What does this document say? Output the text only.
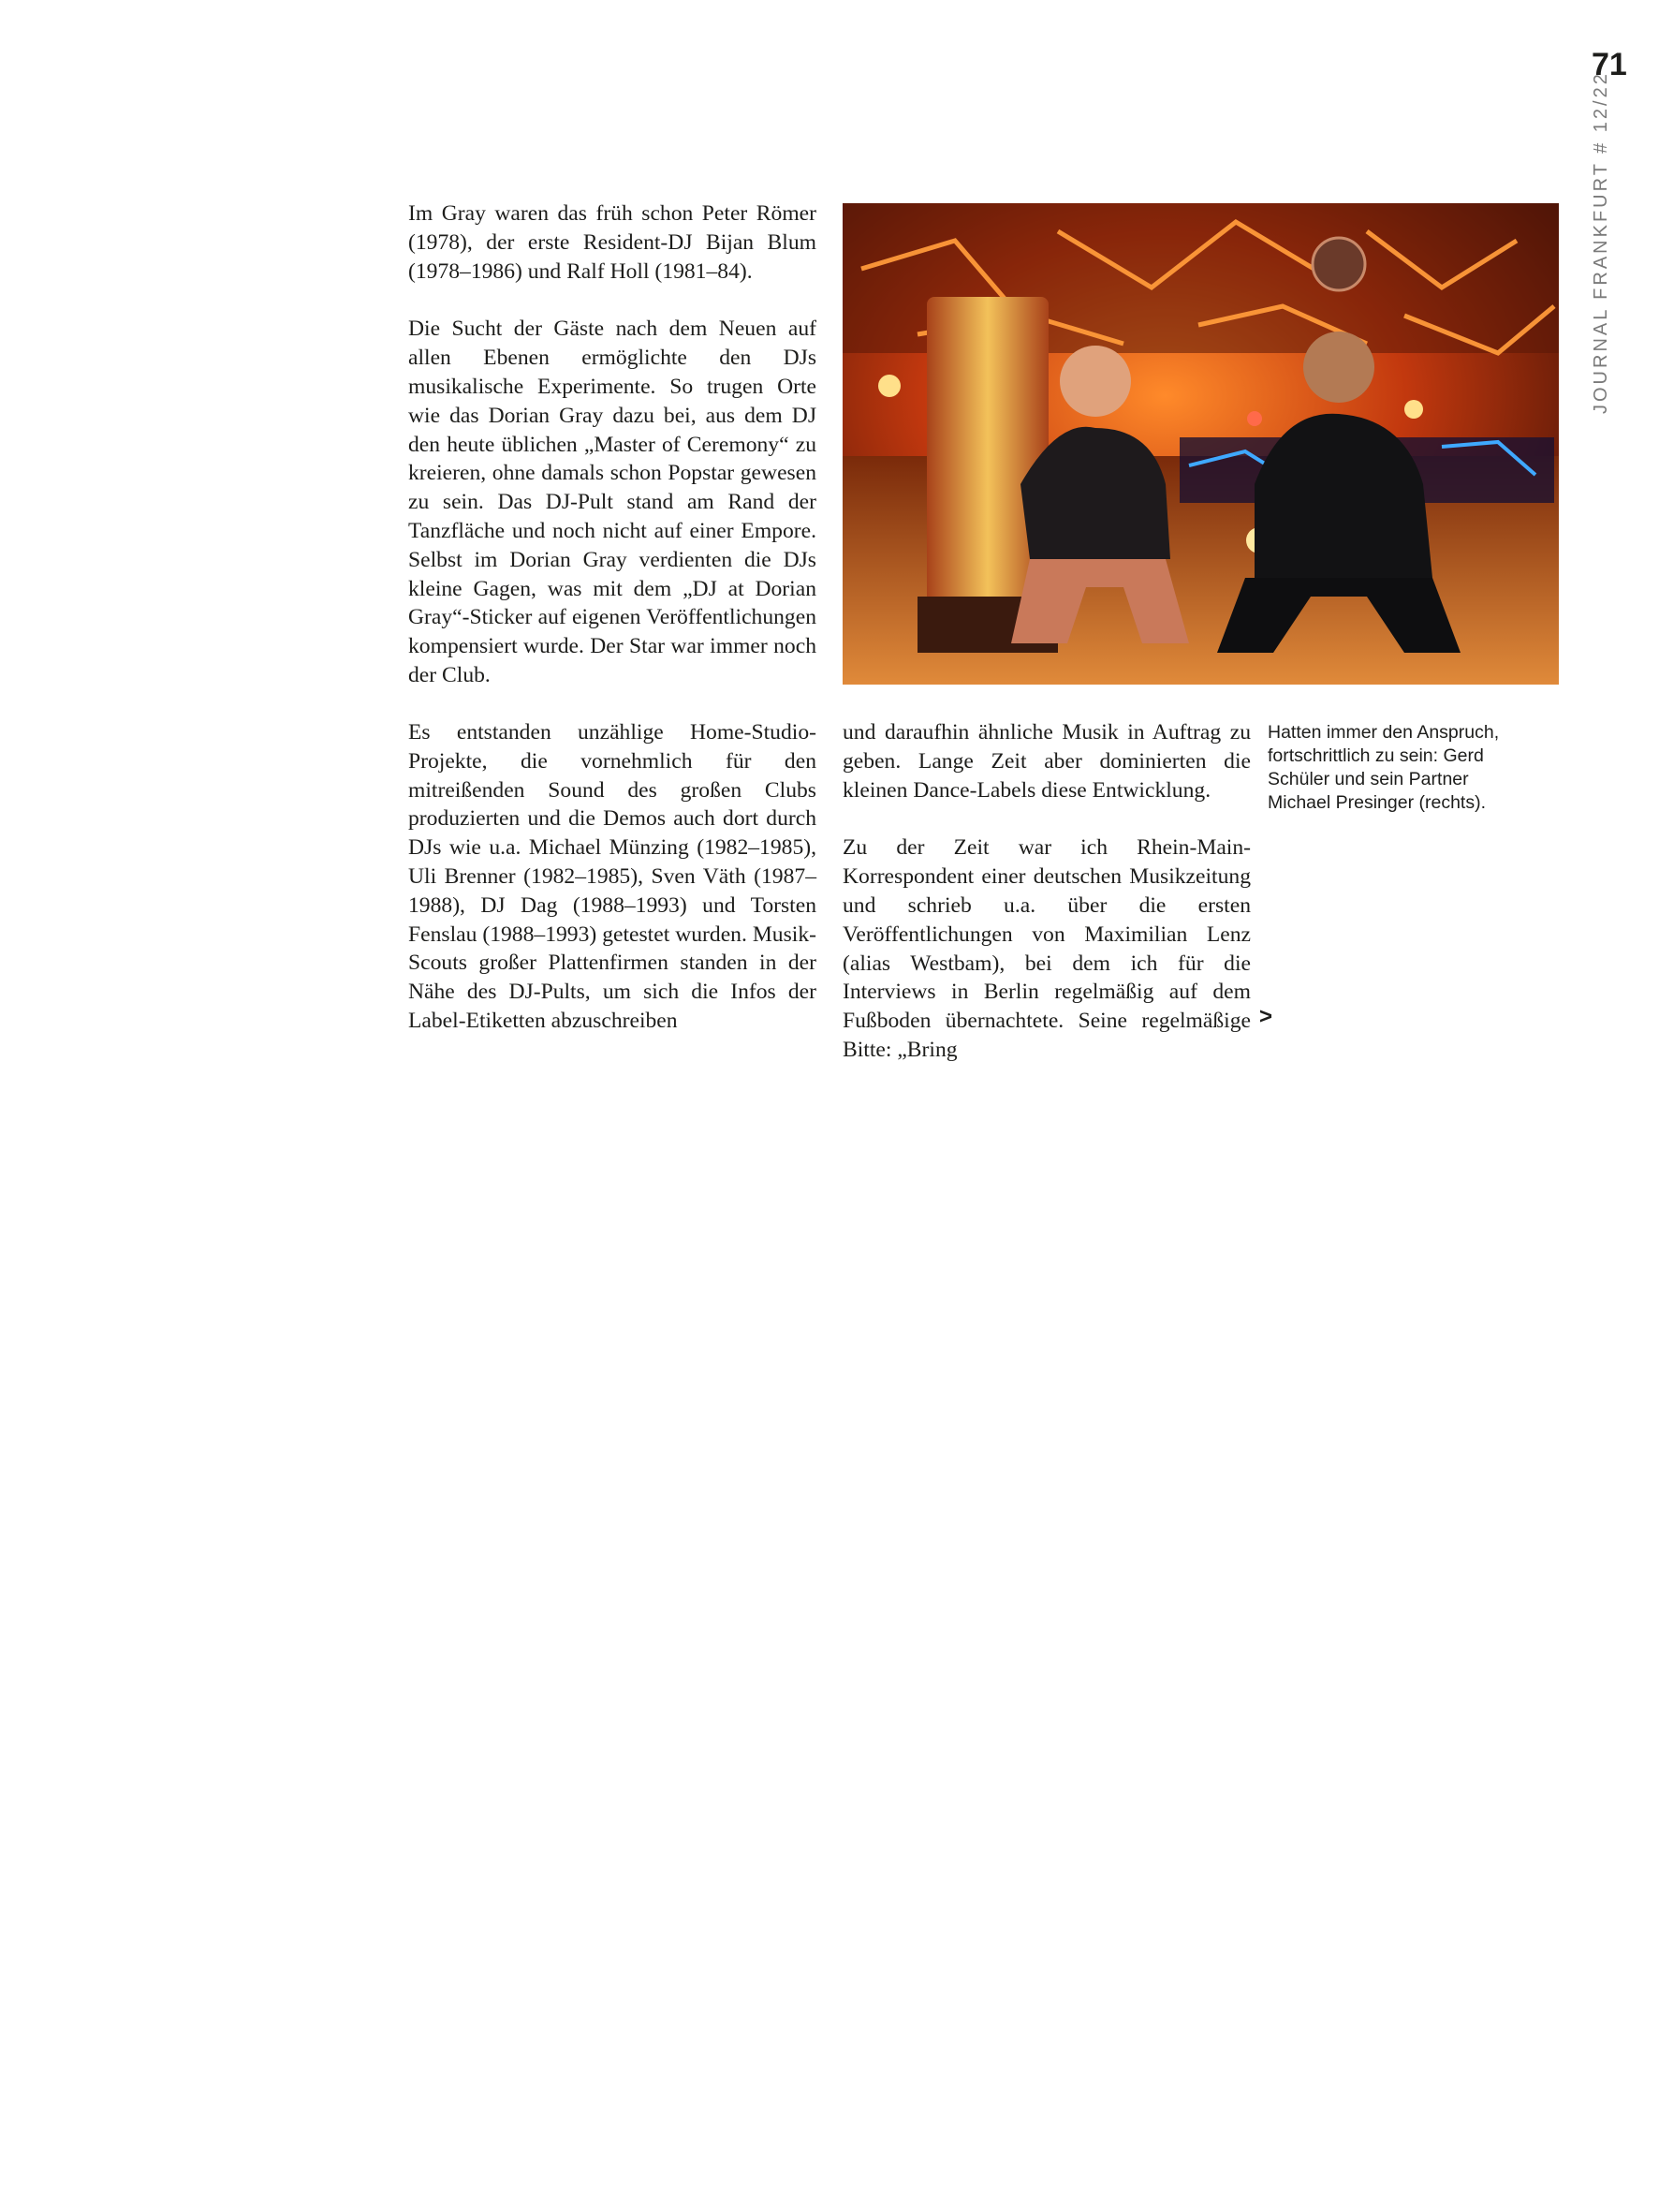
71
JOURNAL FRANKFURT # 12/22

Im Gray waren das früh schon Peter Römer (1978), der erste Resident-DJ Bijan Blum (1978–1986) und Ralf Holl (1981–84).

Die Sucht der Gäste nach dem Neuen auf allen Ebenen ermöglichte den DJs musikalische Experimente. So trugen Orte wie das Dorian Gray dazu bei, aus dem DJ den heute üblichen „Master of Ceremony“ zu kreieren, ohne damals schon Popstar gewesen zu sein. Das DJ-Pult stand am Rand der Tanzfläche und noch nicht auf einer Empore. Selbst im Dorian Gray verdienten die DJs kleine Gagen, was mit dem „DJ at Dorian Gray“-Sticker auf eigenen Veröffentlichungen kompensiert wurde. Der Star war immer noch der Club.

Es entstanden unzählige Home-Studio-Projekte, die vornehmlich für den mitreißenden Sound des großen Clubs produzierten und die Demos auch dort durch DJs wie u.a. Michael Münzing (1982–1985), Uli Brenner (1982–1985), Sven Väth (1987–1988), DJ Dag (1988–1993) und Torsten Fenslau (1988–1993) getestet wurden. Musik-Scouts großer Plattenfirmen standen in der Nähe des DJ-Pults, um sich die Infos der Label-Etiketten abzuschreiben

und daraufhin ähnliche Musik in Auftrag zu geben. Lange Zeit aber dominierten die kleinen Dance-Labels diese Entwicklung.

Zu der Zeit war ich Rhein-Main-Korrespondent einer deutschen Musikzeitung und schrieb u.a. über die ersten Veröffentlichungen von Maximilian Lenz (alias Westbam), bei dem ich für die Interviews in Berlin regelmäßig auf dem Fußboden übernachtete. Seine regelmäßige Bitte: „Bring

>
Hatten immer den Anspruch, fortschrittlich zu sein: Gerd Schüler und sein Partner Michael Presinger (rechts).
